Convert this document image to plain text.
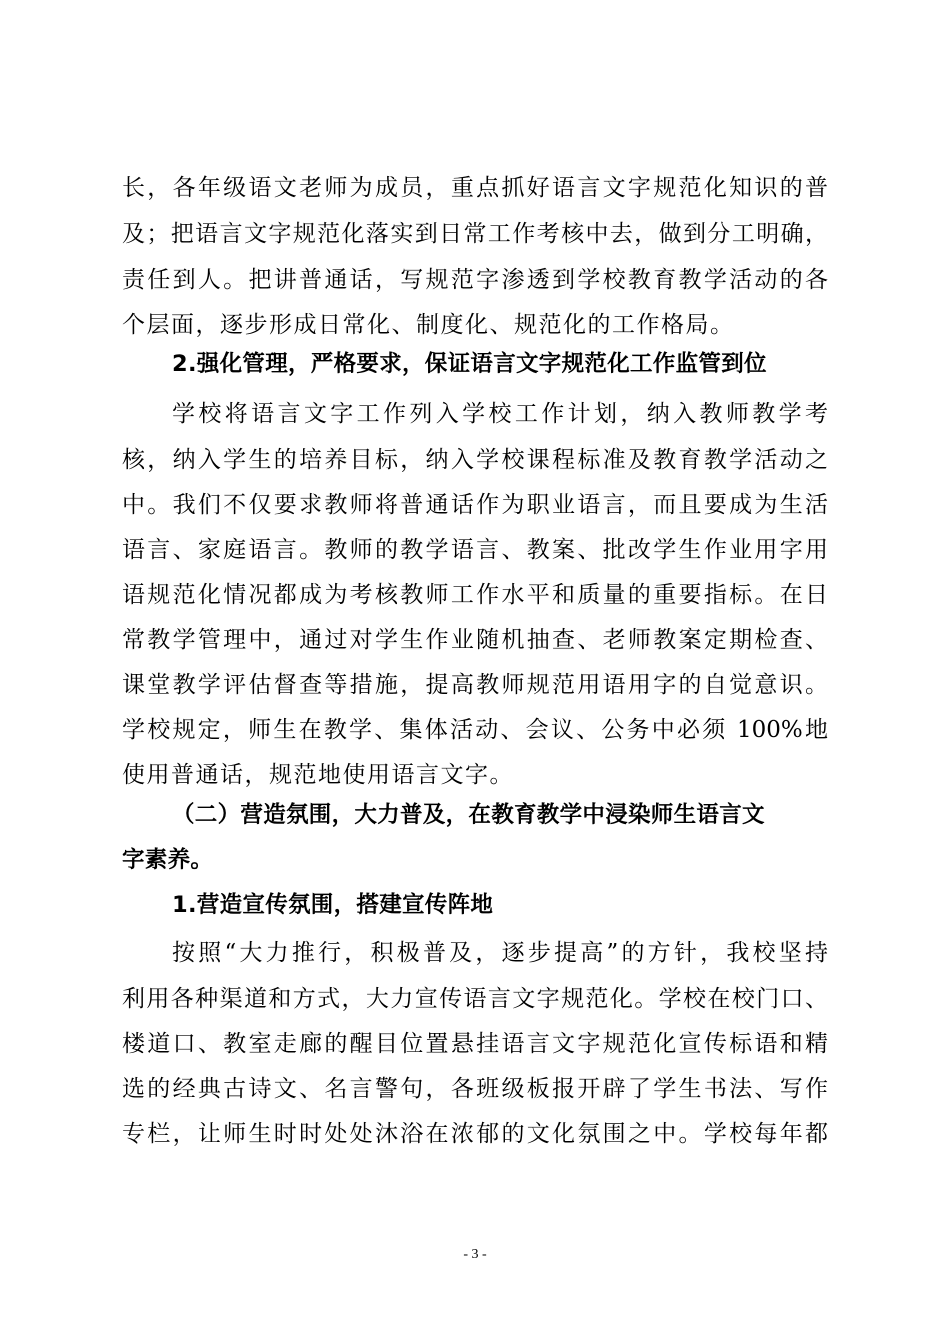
长，各年级语文老师为成员，重点抓好语言文字规范化知识的普
及；把语言文字规范化落实到日常工作考核中去，做到分工明确，
责任到人。把讲普通话，写规范字渗透到学校教育教学活动的各
个层面，逐步形成日常化、制度化、规范化的工作格局。
2.强化管理，严格要求，保证语言文字规范化工作监管到位
学校将语言文字工作列入学校工作计划，纳入教师教学考
核，纳入学生的培养目标，纳入学校课程标准及教育教学活动之
中。我们不仅要求教师将普通话作为职业语言，而且要成为生活
语言、家庭语言。教师的教学语言、教案、批改学生作业用字用
语规范化情况都成为考核教师工作水平和质量的重要指标。在日
常教学管理中，通过对学生作业随机抽查、老师教案定期检查、
课堂教学评估督查等措施，提高教师规范用语用字的自觉意识。
学校规定，师生在教学、集体活动、会议、公务中必须 100%地
使用普通话，规范地使用语言文字。
（二）营造氛围，大力普及，在教育教学中浸染师生语言文
字素养。
1.营造宣传氛围，搭建宣传阵地
按照“大力推行，积极普及，逐步提高”的方针，我校坚持
利用各种渠道和方式，大力宣传语言文字规范化。学校在校门口、
楼道口、教室走廊的醒目位置悬挂语言文字规范化宣传标语和精
选的经典古诗文、名言警句，各班级板报开辟了学生书法、写作
专栏，让师生时时处处沐浴在浓郁的文化氛围之中。学校每年都
- 3 -
